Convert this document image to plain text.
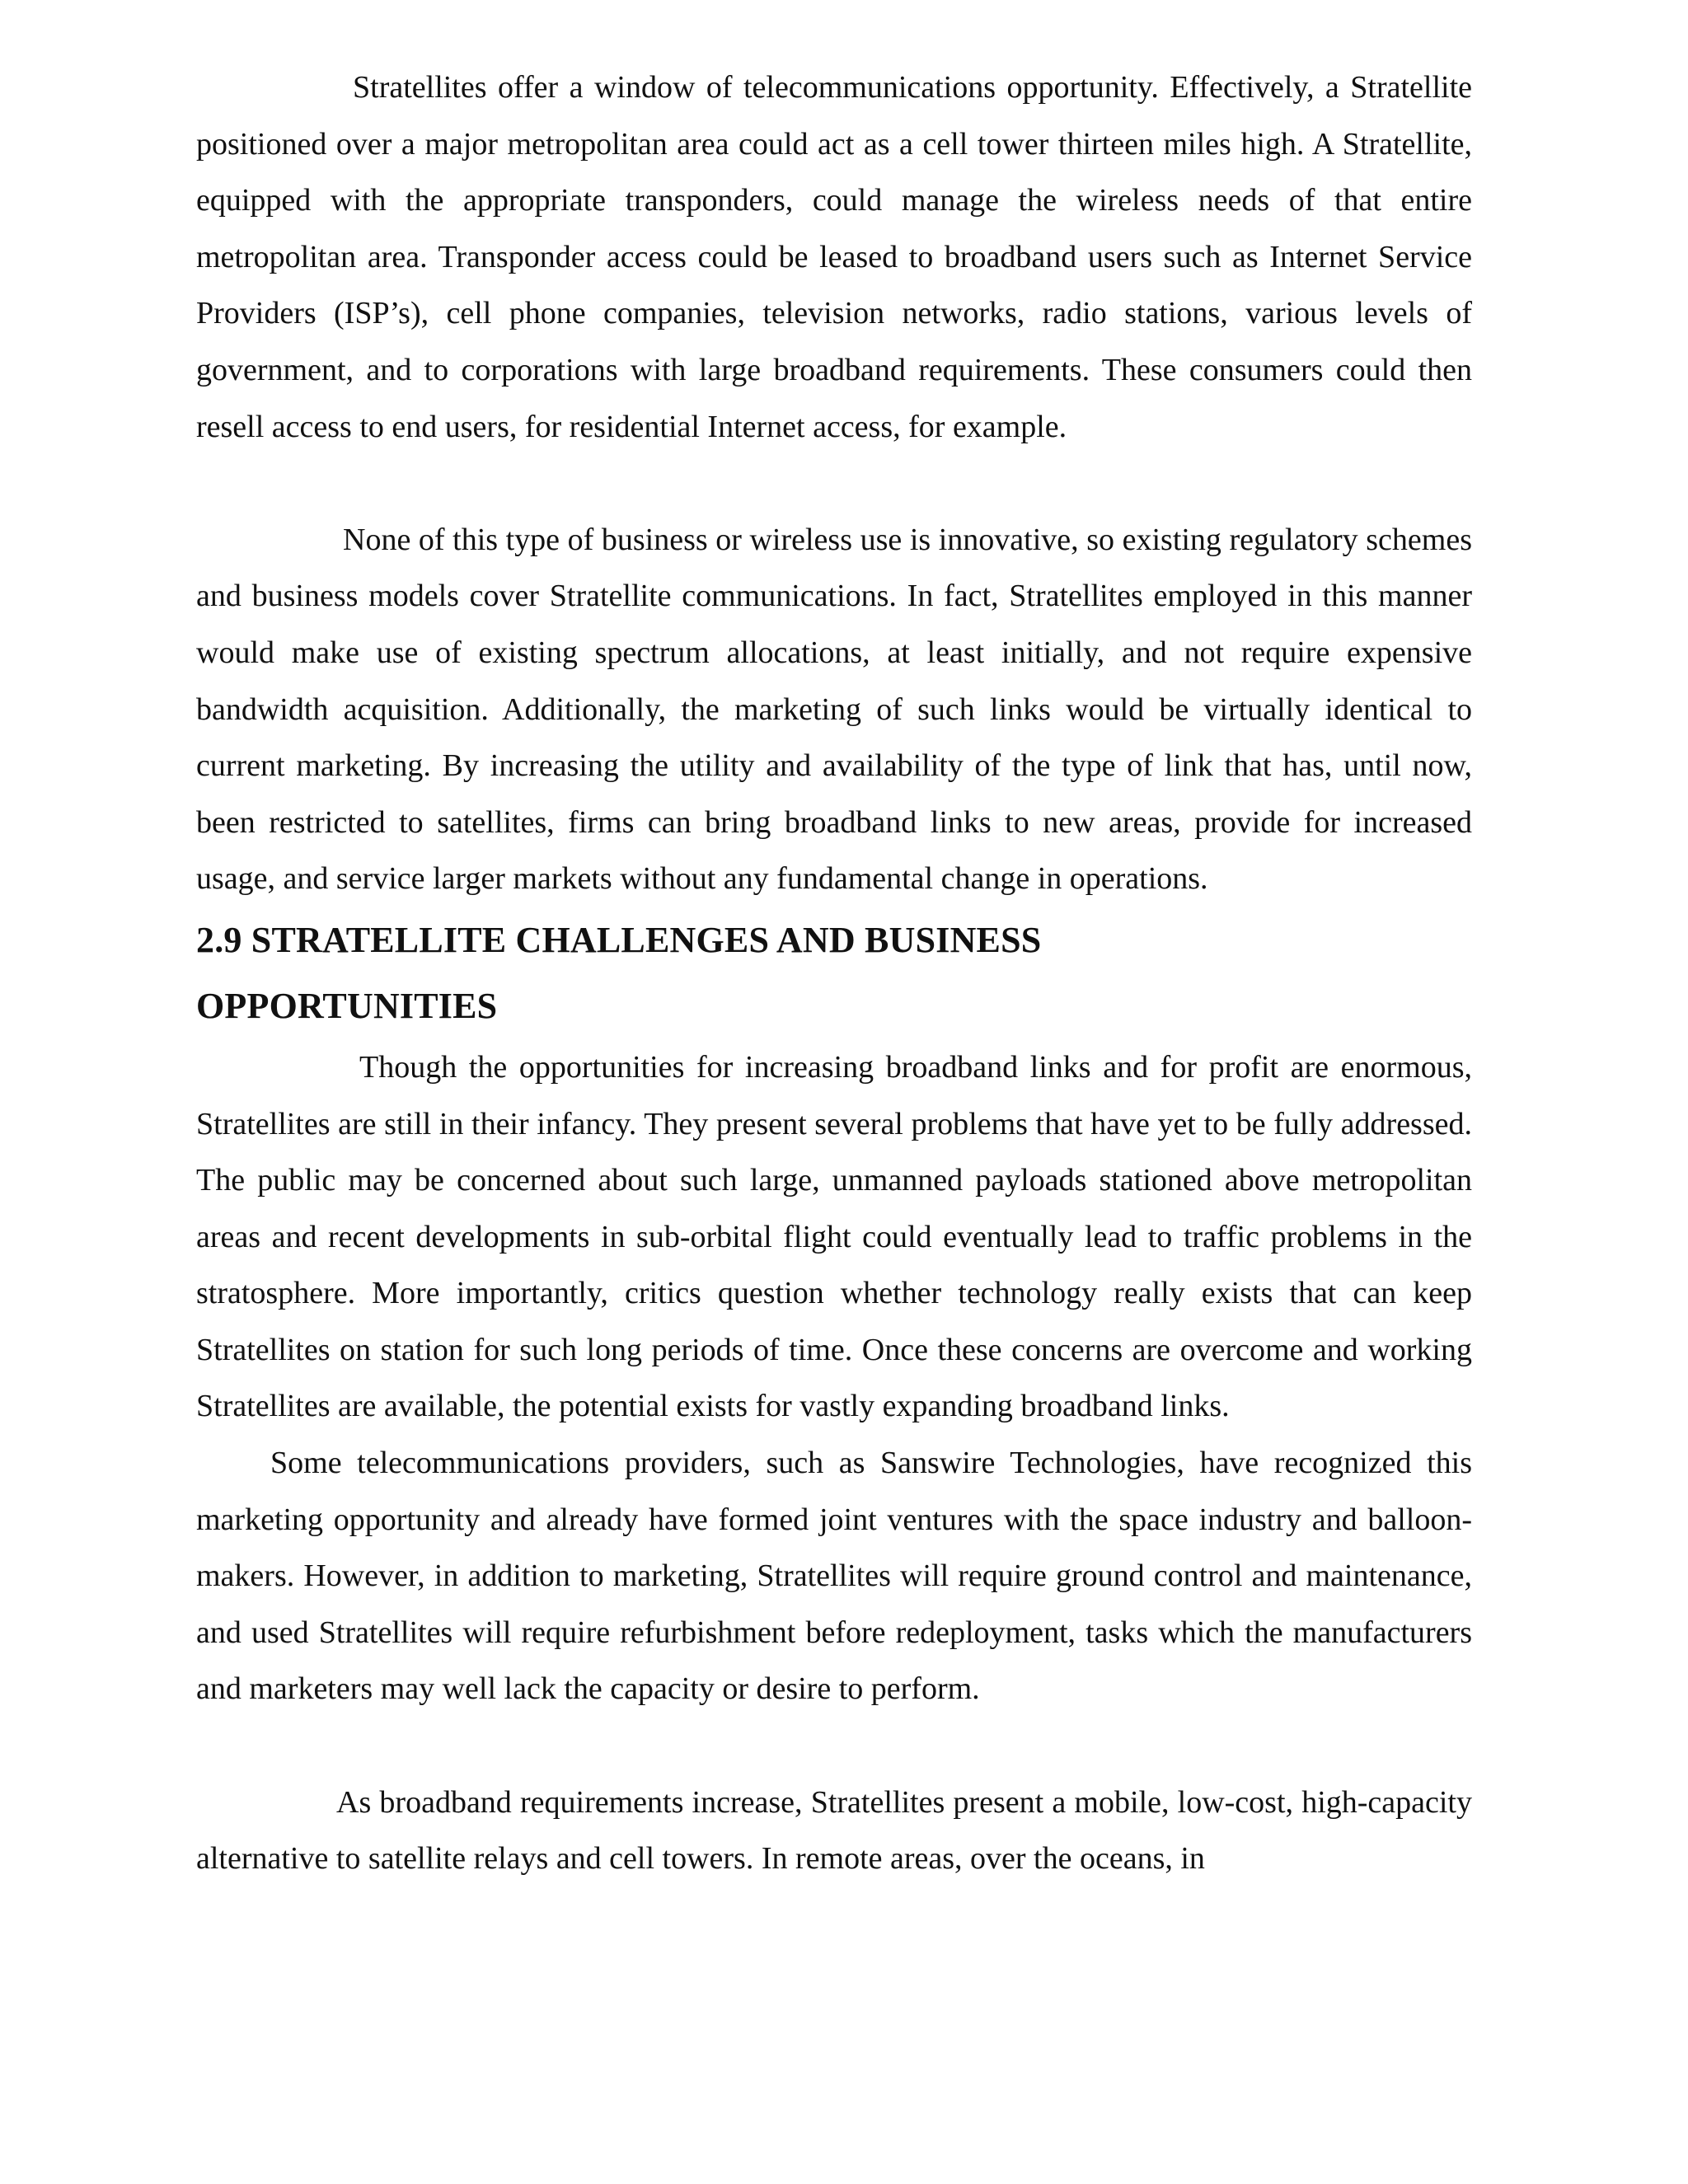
Stratellites offer a window of telecommunications opportunity. Effectively, a Stratellite positioned over a major metropolitan area could act as a cell tower thirteen miles high. A Stratellite, equipped with the appropriate transponders, could manage the wireless needs of that entire metropolitan area. Transponder access could be leased to broadband users such as Internet Service Providers (ISP’s), cell phone companies, television networks, radio stations, various levels of government, and to corporations with large broadband requirements. These consumers could then resell access to end users, for residential Internet access, for example.

None of this type of business or wireless use is innovative, so existing regulatory schemes and business models cover Stratellite communications. In fact, Stratellites employed in this manner would make use of existing spectrum allocations, at least initially, and not require expensive bandwidth acquisition. Additionally, the marketing of such links would be virtually identical to current marketing. By increasing the utility and availability of the type of link that has, until now, been restricted to satellites, firms can bring broadband links to new areas, provide for increased usage, and service larger markets without any fundamental change in operations.

2.9 STRATELLITE CHALLENGES AND BUSINESS
OPPORTUNITIES

Though the opportunities for increasing broadband links and for profit are enormous, Stratellites are still in their infancy. They present several problems that have yet to be fully addressed. The public may be concerned about such large, unmanned payloads stationed above metropolitan areas and recent developments in sub-orbital flight could eventually lead to traffic problems in the stratosphere. More importantly, critics question whether technology really exists that can keep Stratellites on station for such long periods of time. Once these concerns are overcome and working Stratellites are available, the potential exists for vastly expanding broadband links.

Some telecommunications providers, such as Sanswire Technologies, have recognized this marketing opportunity and already have formed joint ventures with the space industry and balloon-makers. However, in addition to marketing, Stratellites will require ground control and maintenance, and used Stratellites will require refurbishment before redeployment, tasks which the manufacturers and marketers may well lack the capacity or desire to perform.

As broadband requirements increase, Stratellites present a mobile, low-cost, high-capacity alternative to satellite relays and cell towers. In remote areas, over the oceans, in
